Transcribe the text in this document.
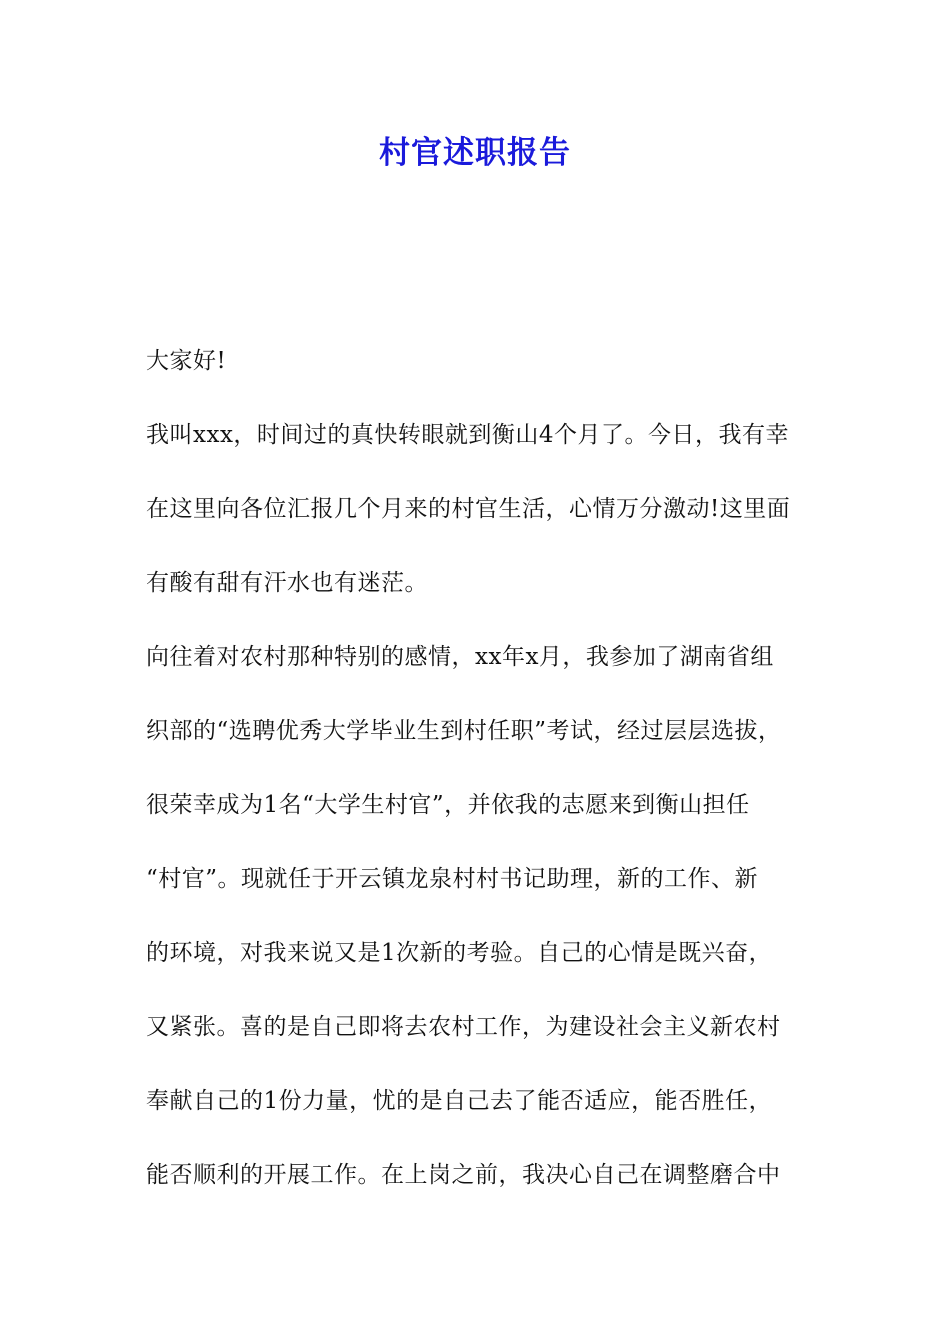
村官述职报告
大家好!
我叫xxx，时间过的真快转眼就到衡山4个月了。今日，我有幸
在这里向各位汇报几个月来的村官生活，心情万分激动!这里面
有酸有甜有汗水也有迷茫。
向往着对农村那种特别的感情，xx年x月，我参加了湖南省组
织部的“选聘优秀大学毕业生到村任职”考试，经过层层选拔，
很荣幸成为1名“大学生村官”，并依我的志愿来到衡山担任
“村官”。现就任于开云镇龙泉村村书记助理，新的工作、新
的环境，对我来说又是1次新的考验。自己的心情是既兴奋，
又紧张。喜的是自己即将去农村工作，为建设社会主义新农村
奉献自己的1份力量，忧的是自己去了能否适应，能否胜任，
能否顺利的开展工作。在上岗之前，我决心自己在调整磨合中
